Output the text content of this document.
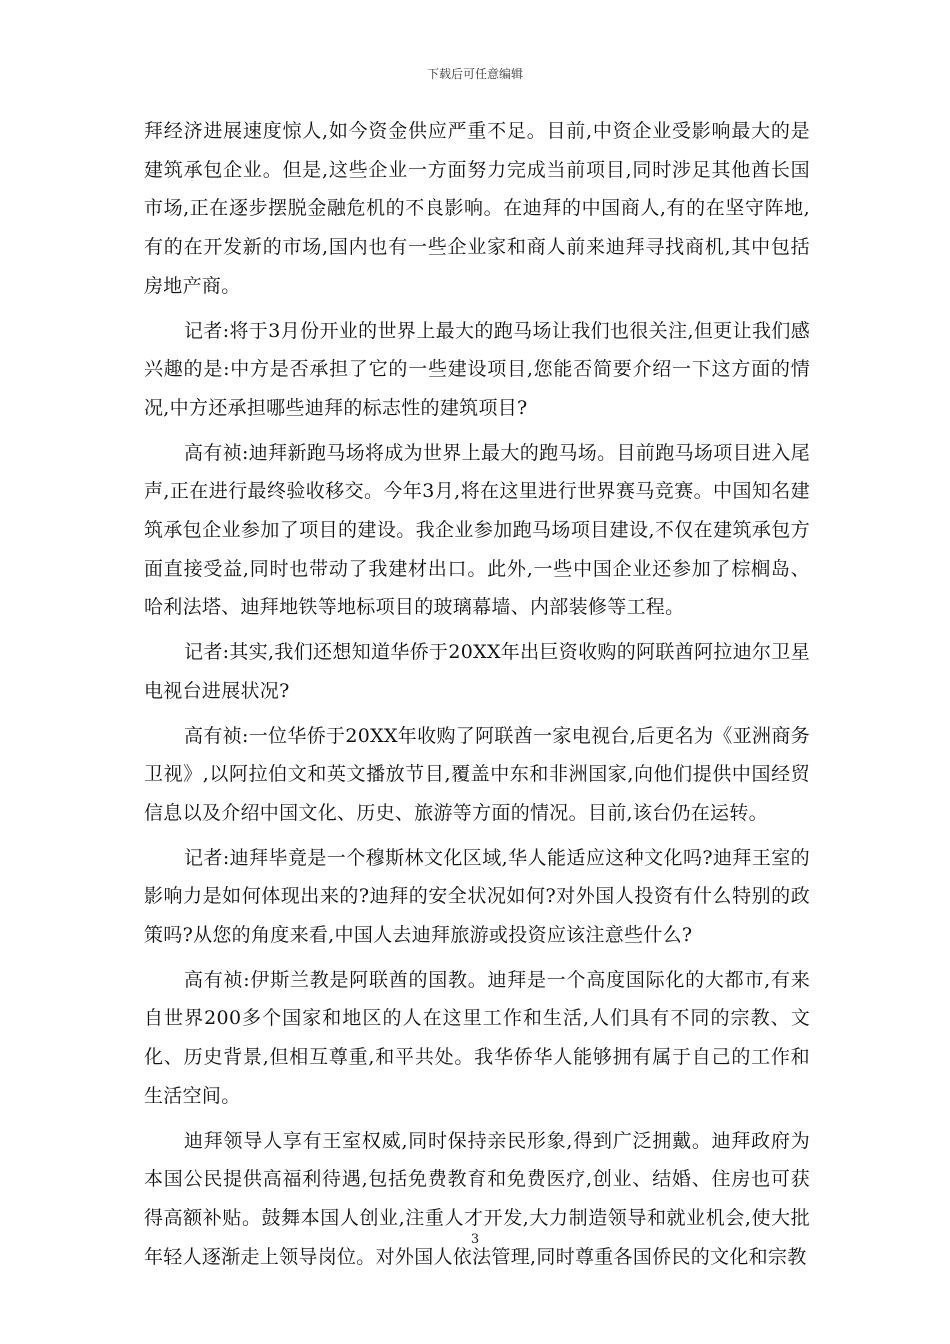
下载后可任意编辑

拜经济进展速度惊人,如今资金供应严重不足。目前,中资企业受影响最大的是建筑承包企业。但是,这些企业一方面努力完成当前项目,同时涉足其他酋长国市场,正在逐步摆脱金融危机的不良影响。在迪拜的中国商人,有的在坚守阵地,有的在开发新的市场,国内也有一些企业家和商人前来迪拜寻找商机,其中包括房地产商。

记者:将于3月份开业的世界上最大的跑马场让我们也很关注,但更让我们感兴趣的是:中方是否承担了它的一些建设项目,您能否简要介绍一下这方面的情况,中方还承担哪些迪拜的标志性的建筑项目?

高有祯:迪拜新跑马场将成为世界上最大的跑马场。目前跑马场项目进入尾声,正在进行最终验收移交。今年3月,将在这里进行世界赛马竞赛。中国知名建筑承包企业参加了项目的建设。我企业参加跑马场项目建设,不仅在建筑承包方面直接受益,同时也带动了我建材出口。此外,一些中国企业还参加了棕榈岛、哈利法塔、迪拜地铁等地标项目的玻璃幕墙、内部装修等工程。

记者:其实,我们还想知道华侨于20XX年出巨资收购的阿联酋阿拉迪尔卫星电视台进展状况?

高有祯:一位华侨于20XX年收购了阿联酋一家电视台,后更名为《亚洲商务卫视》,以阿拉伯文和英文播放节目,覆盖中东和非洲国家,向他们提供中国经贸信息以及介绍中国文化、历史、旅游等方面的情况。目前,该台仍在运转。

记者:迪拜毕竟是一个穆斯林文化区域,华人能适应这种文化吗?迪拜王室的影响力是如何体现出来的?迪拜的安全状况如何?对外国人投资有什么特别的政策吗?从您的角度来看,中国人去迪拜旅游或投资应该注意些什么?

高有祯:伊斯兰教是阿联酋的国教。迪拜是一个高度国际化的大都市,有来自世界200多个国家和地区的人在这里工作和生活,人们具有不同的宗教、文化、历史背景,但相互尊重,和平共处。我华侨华人能够拥有属于自己的工作和生活空间。

迪拜领导人享有王室权威,同时保持亲民形象,得到广泛拥戴。迪拜政府为本国公民提供高福利待遇,包括免费教育和免费医疗,创业、结婚、住房也可获得高额补贴。鼓舞本国人创业,注重人才开发,大力制造领导和就业机会,使大批年轻人逐渐走上领导岗位。对外国人依法管理,同时尊重各国侨民的文化和宗教

3
